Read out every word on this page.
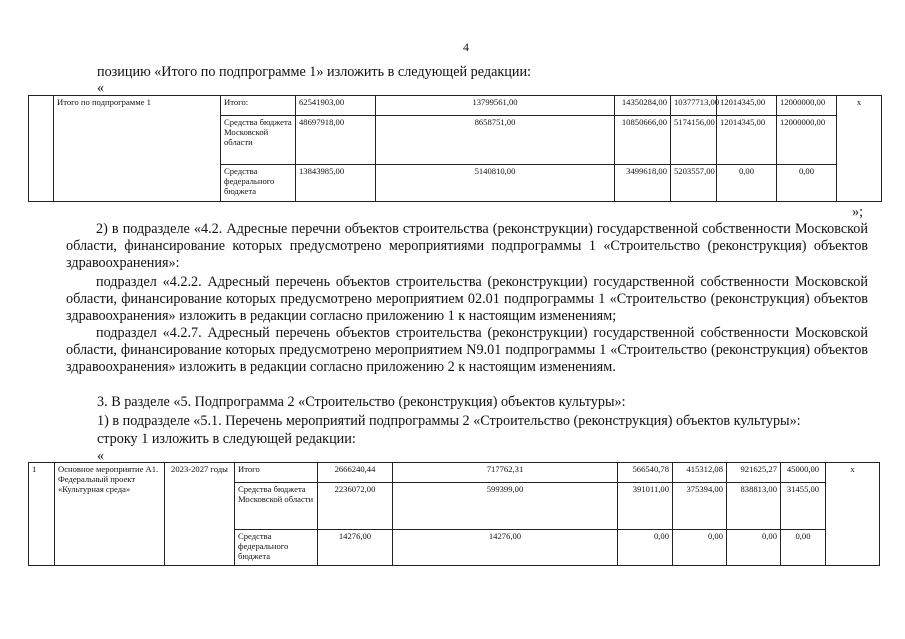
4
позицию «Итого по подпрограмме 1» изложить в следующей редакции:
«
	Итого по подпрограмме 1	Итого:	62541903,00	13799561,00	14350284,00	10377713,00	12014345,00	12000000,00	x
		Средства бюджета Московской области	48697918,00	8658751,00	10850666,00	5174156,00	12014345,00	12000000,00	
		Средства федерального бюджета	13843985,00	5140810,00	3499618,00	5203557,00	0,00	0,00	
»;
2) в подразделе «4.2. Адресные перечни объектов строительства (реконструкции) государственной собственности Московской области, финансирование которых предусмотрено мероприятиями подпрограммы 1 «Строительство (реконструкция) объектов здравоохранения»:
подраздел «4.2.2. Адресный перечень объектов строительства (реконструкции) государственной собственности Московской области, финансирование которых предусмотрено мероприятием 02.01 подпрограммы 1 «Строительство (реконструкция) объектов здравоохранения» изложить в редакции согласно приложению 1 к настоящим изменениям;
подраздел «4.2.7. Адресный перечень объектов строительства (реконструкции) государственной собственности Московской области, финансирование которых предусмотрено мероприятием N9.01 подпрограммы 1 «Строительство (реконструкция) объектов здравоохранения» изложить в редакции согласно приложению 2 к настоящим изменениям.
3. В разделе «5. Подпрограмма 2 «Строительство (реконструкция) объектов культуры»:
1) в подразделе «5.1. Перечень мероприятий подпрограммы 2 «Строительство (реконструкция) объектов культуры»:
строку 1 изложить в следующей редакции:
«
1	Основное мероприятие А1. Федеральный проект «Культурная среда»	2023-2027 годы	Итого	2666240,44	717762,31	566540,78	415312,08	921625,27	45000,00	x
			Средства бюджета Московской области	2236072,00	599399,00	391011,00	375394,00	838813,00	31455,00	
			Средства федерального бюджета	14276,00	14276,00	0,00	0,00	0,00	0,00	
